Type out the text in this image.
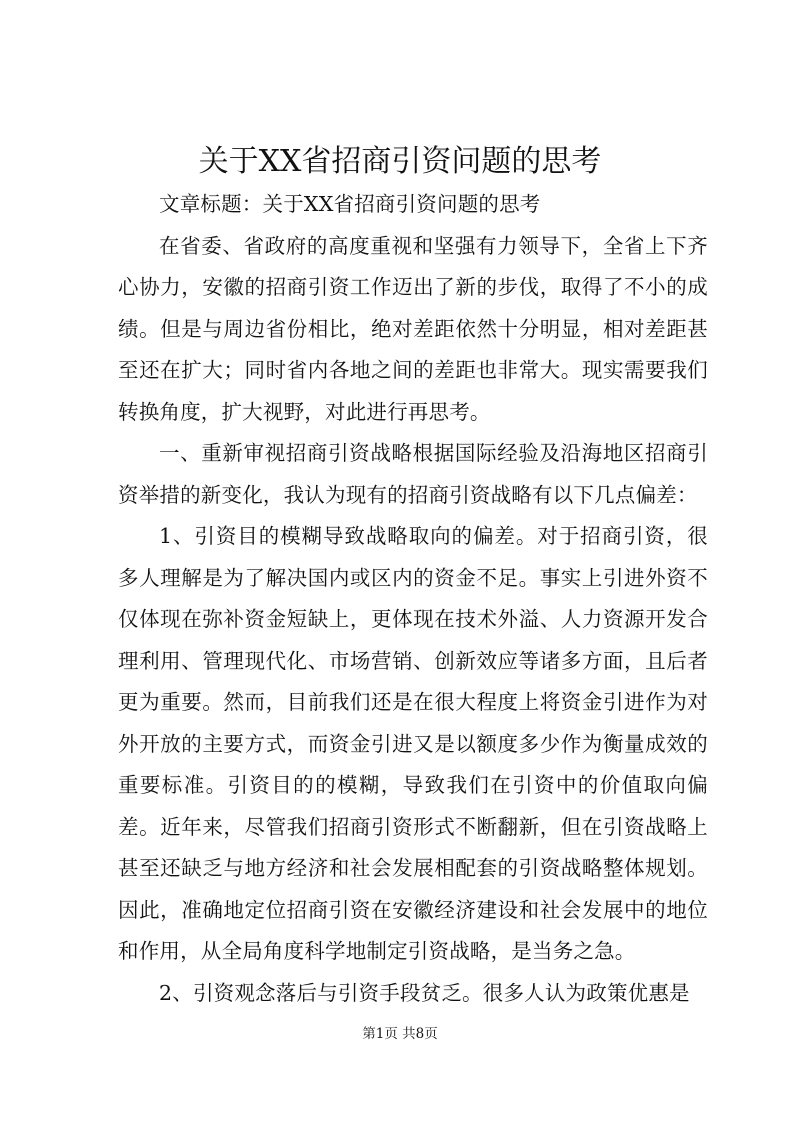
关于XX省招商引资问题的思考

文章标题：关于XX省招商引资问题的思考

在省委、省政府的高度重视和坚强有力领导下，全省上下齐心协力，安徽的招商引资工作迈出了新的步伐，取得了不小的成绩。但是与周边省份相比，绝对差距依然十分明显，相对差距甚至还在扩大；同时省内各地之间的差距也非常大。现实需要我们转换角度，扩大视野，对此进行再思考。

一、重新审视招商引资战略根据国际经验及沿海地区招商引资举措的新变化，我认为现有的招商引资战略有以下几点偏差：

1、引资目的模糊导致战略取向的偏差。对于招商引资，很多人理解是为了解决国内或区内的资金不足。事实上引进外资不仅体现在弥补资金短缺上，更体现在技术外溢、人力资源开发合理利用、管理现代化、市场营销、创新效应等诸多方面，且后者更为重要。然而，目前我们还是在很大程度上将资金引进作为对外开放的主要方式，而资金引进又是以额度多少作为衡量成效的重要标准。引资目的的模糊，导致我们在引资中的价值取向偏差。近年来，尽管我们招商引资形式不断翻新，但在引资战略上甚至还缺乏与地方经济和社会发展相配套的引资战略整体规划。因此，准确地定位招商引资在安徽经济建设和社会发展中的地位和作用，从全局角度科学地制定引资战略，是当务之急。

2、引资观念落后与引资手段贫乏。很多人认为政策优惠是

第1页 共8页
